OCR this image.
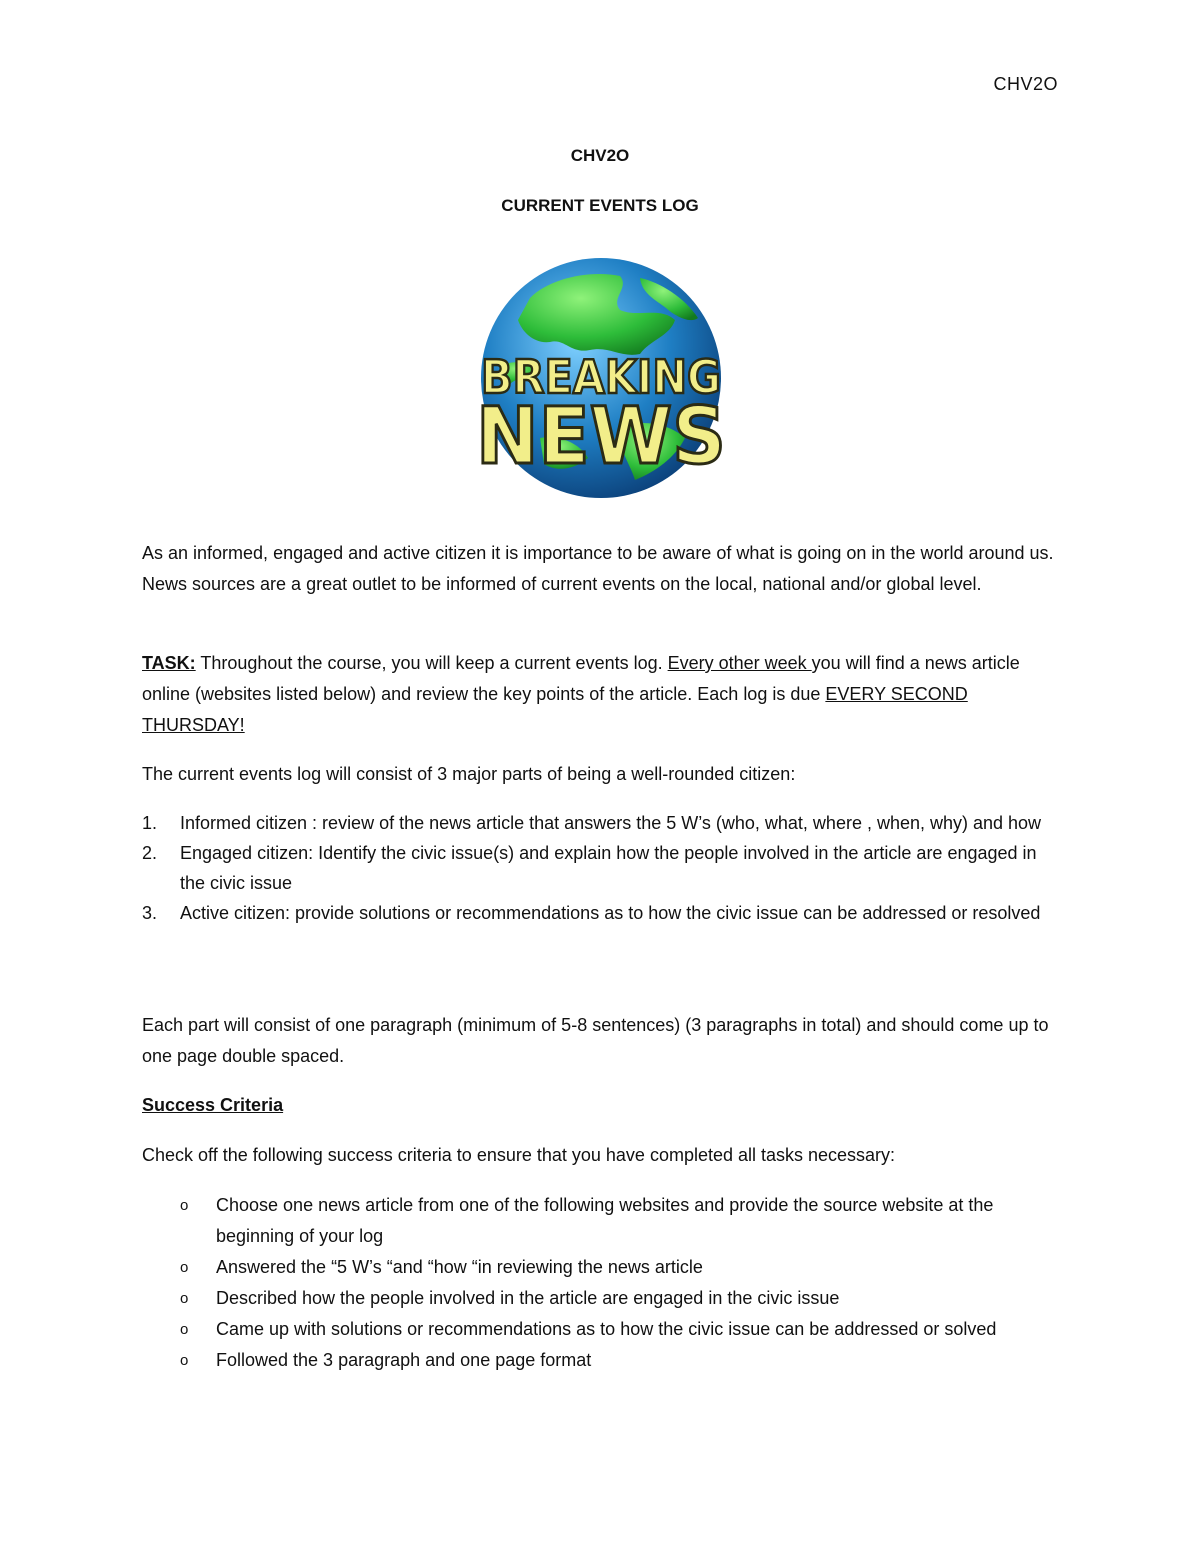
CHV2O

CHV2O

CURRENT EVENTS LOG

BREAKING
NEWS
As an informed, engaged and active citizen it is importance to be aware of what is going on in the world around us. News sources are a great outlet to be informed of current events on the local, national and/or global level.
TASK: Throughout the course, you will keep a current events log. Every other week you will find a news article online (websites listed below) and review the key points of the article. Each log is due EVERY SECOND THURSDAY!
The current events log will consist of 3 major parts of being a well-rounded citizen:
1. Informed citizen : review of the news article that answers the 5 W’s (who, what, where , when, why) and how
2. Engaged citizen: Identify the civic issue(s) and explain how the people involved in the article are engaged in the civic issue
3. Active citizen: provide solutions or recommendations as to how the civic issue can be addressed or resolved
Each part will consist of one paragraph (minimum of 5-8 sentences) (3 paragraphs in total) and should come up to one page double spaced.
Success Criteria
Check off the following success criteria to ensure that you have completed all tasks necessary:
o Choose one news article from one of the following websites and provide the source website at the beginning of your log
o Answered the “5 W’s “and “how “in reviewing the news article
o Described how the people involved in the article are engaged in the civic issue
o Came up with solutions or recommendations as to how the civic issue can be addressed or solved
o Followed the 3 paragraph and one page format
